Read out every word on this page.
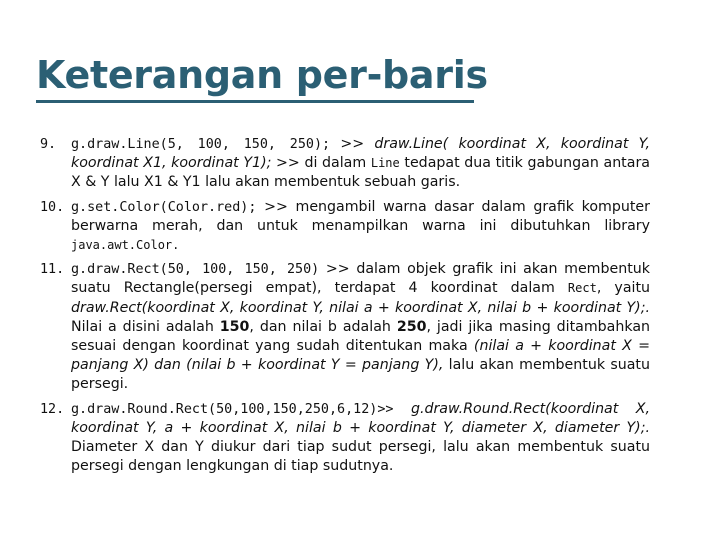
Keterangan per-baris
9. g.draw.Line(5, 100, 150, 250); >> draw.Line( koordinat X, koordinat Y, koordinat X1, koordinat Y1); >> di dalam Line tedapat dua titik gabungan antara X & Y lalu X1 & Y1 lalu akan membentuk sebuah garis.
10. g.set.Color(Color.red); >> mengambil warna dasar dalam grafik komputer berwarna merah, dan untuk menampilkan warna ini dibutuhkan library java.awt.Color.
11. g.draw.Rect(50, 100, 150, 250) >> dalam objek grafik ini akan membentuk suatu Rectangle(persegi empat), terdapat 4 koordinat dalam Rect, yaitu draw.Rect(koordinat X, koordinat Y, nilai a + koordinat X, nilai b + koordinat Y);. Nilai a disini adalah 150, dan nilai b adalah 250, jadi jika masing ditambahkan sesuai dengan koordinat yang sudah ditentukan maka (nilai a + koordinat X = panjang X) dan (nilai b + koordinat Y = panjang Y), lalu akan membentuk suatu persegi.
12. g.draw.Round.Rect(50,100,150,250,6,12)>> g.draw.Round.Rect(koordinat X, koordinat Y, a + koordinat X, nilai b + koordinat Y, diameter X, diameter Y);. Diameter X dan Y diukur dari tiap sudut persegi, lalu akan membentuk suatu persegi dengan lengkungan di tiap sudutnya.
